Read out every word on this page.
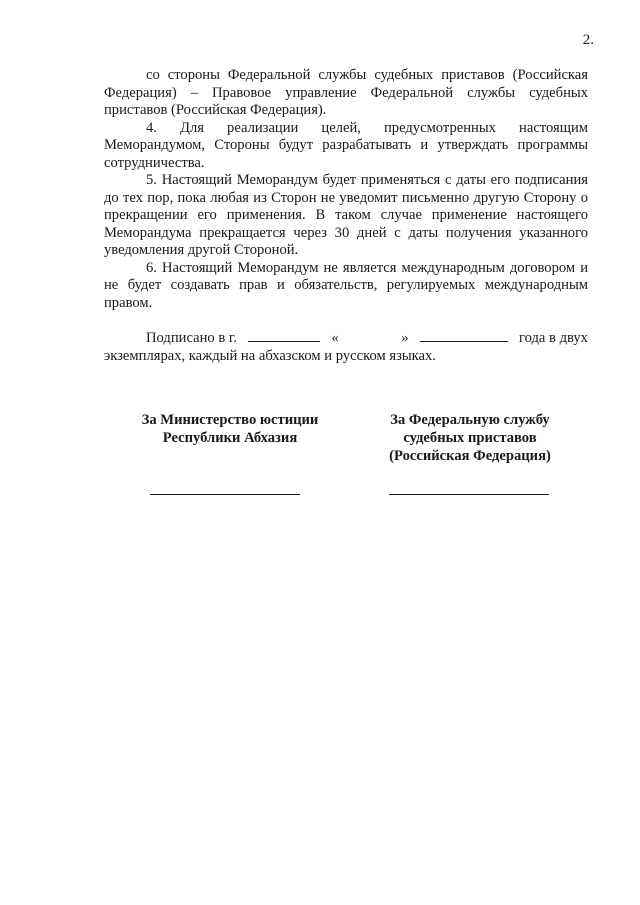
2.

со стороны Федеральной службы судебных приставов (Российская Федерация) – Правовое управление Федеральной службы судебных приставов (Российская Федерация).

4. Для реализации целей, предусмотренных настоящим Меморандумом, Стороны будут разрабатывать и утверждать программы сотрудничества.

5. Настоящий Меморандум будет применяться с даты его подписания до тех пор, пока любая из Сторон не уведомит письменно другую Сторону о прекращении его применения. В таком случае применение настоящего Меморандума прекращается через 30 дней с даты получения указанного уведомления другой Стороной.

6. Настоящий Меморандум не является международным договором и не будет создавать прав и обязательств, регулируемых международным правом.

Подписано в г.	«	»	года в двух
экземплярах, каждый на абхазском и русском языках.
За Министерство юстиции
Республики Абхазия
За Федеральную службу
судебных приставов
(Российская Федерация)
